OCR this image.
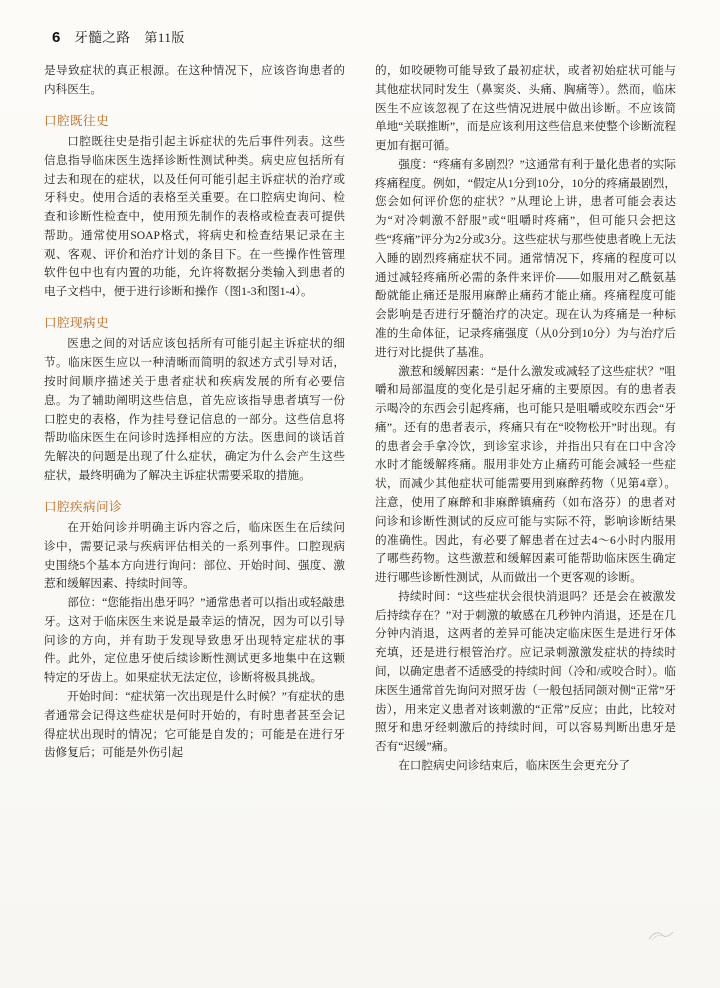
6 牙髓之路 第11版

是导致症状的真正根源。在这种情况下，应该咨询患者的内科医生。

口腔既往史

口腔既往史是指引起主诉症状的先后事件列表。这些信息指导临床医生选择诊断性测试种类。病史应包括所有过去和现在的症状，以及任何可能引起主诉症状的治疗或牙科史。使用合适的表格至关重要。在口腔病史询问、检查和诊断性检查中，使用预先制作的表格或检查表可提供帮助。通常使用SOAP格式，将病史和检查结果记录在主观、客观、评价和治疗计划的条目下。在一些操作性管理软件包中也有内置的功能，允许将数据分类输入到患者的电子文档中，便于进行诊断和操作（图1-3和图1-4）。

口腔现病史

医患之间的对话应该包括所有可能引起主诉症状的细节。临床医生应以一种清晰而简明的叙述方式引导对话，按时间顺序描述关于患者症状和疾病发展的所有必要信息。为了辅助阐明这些信息，首先应该指导患者填写一份口腔史的表格，作为挂号登记信息的一部分。这些信息将帮助临床医生在问诊时选择相应的方法。医患间的谈话首先解决的问题是出现了什么症状，确定为什么会产生这些症状，最终明确为了解决主诉症状需要采取的措施。

口腔疾病问诊

在开始问诊并明确主诉内容之后，临床医生在后续问诊中，需要记录与疾病评估相关的一系列事件。口腔现病史围绕5个基本方向进行询问：部位、开始时间、强度、激惹和缓解因素、持续时间等。

部位：“您能指出患牙吗？”通常患者可以指出或轻敲患牙。这对于临床医生来说是最幸运的情况，因为可以引导问诊的方向，并有助于发现导致患牙出现特定症状的事件。此外，定位患牙使后续诊断性测试更多地集中在这颗特定的牙齿上。如果症状无法定位，诊断将极具挑战。

开始时间：“症状第一次出现是什么时候？”有症状的患者通常会记得这些症状是何时开始的，有时患者甚至会记得症状出现时的情况；它可能是自发的；可能是在进行牙齿修复后；可能是外伤引起

的，如咬硬物可能导致了最初症状，或者初始症状可能与其他症状同时发生（鼻窦炎、头痛、胸痛等）。然而，临床医生不应该忽视了在这些情况进展中做出诊断。不应该简单地“关联推断”，而是应该利用这些信息来使整个诊断流程更加有据可循。

强度：“疼痛有多剧烈？”这通常有利于量化患者的实际疼痛程度。例如，“假定从1分到10分，10分的疼痛最剧烈，您会如何评价您的症状？”从理论上讲，患者可能会表达为“对冷刺激不舒服”或“咀嚼时疼痛”，但可能只会把这些“疼痛”评分为2分或3分。这些症状与那些使患者晚上无法入睡的剧烈疼痛症状不同。通常情况下，疼痛的程度可以通过减轻疼痛所必需的条件来评价——如服用对乙酰氨基酚就能止痛还是服用麻醉止痛药才能止痛。疼痛程度可能会影响是否进行牙髓治疗的决定。现在认为疼痛是一种标准的生命体征，记录疼痛强度（从0分到10分）为与治疗后进行对比提供了基准。

激惹和缓解因素：“是什么激发或减轻了这些症状？”咀嚼和局部温度的变化是引起牙痛的主要原因。有的患者表示喝冷的东西会引起疼痛，也可能只是咀嚼或咬东西会“牙痛”。还有的患者表示，疼痛只有在“咬物松开”时出现。有的患者会手拿冷饮，到诊室求诊，并指出只有在口中含冷水时才能缓解疼痛。服用非处方止痛药可能会减轻一些症状，而减少其他症状可能需要用到麻醉药物（见第4章）。注意，使用了麻醉和非麻醉镇痛药（如布洛芬）的患者对问诊和诊断性测试的反应可能与实际不符，影响诊断结果的准确性。因此，有必要了解患者在过去4～6小时内服用了哪些药物。这些激惹和缓解因素可能帮助临床医生确定进行哪些诊断性测试，从而做出一个更客观的诊断。

持续时间：“这些症状会很快消退吗？还是会在被激发后持续存在？”对于刺激的敏感在几秒钟内消退，还是在几分钟内消退，这两者的差异可能决定临床医生是进行牙体充填，还是进行根管治疗。应记录刺激激发症状的持续时间，以确定患者不适感受的持续时间（冷和/或咬合时）。临床医生通常首先询问对照牙齿（一般包括同颌对侧“正常”牙齿），用来定义患者对该刺激的“正常”反应；由此，比较对照牙和患牙经刺激后的持续时间，可以容易判断出患牙是否有“迟缓”痛。

在口腔病史问诊结束后，临床医生会更充分了
